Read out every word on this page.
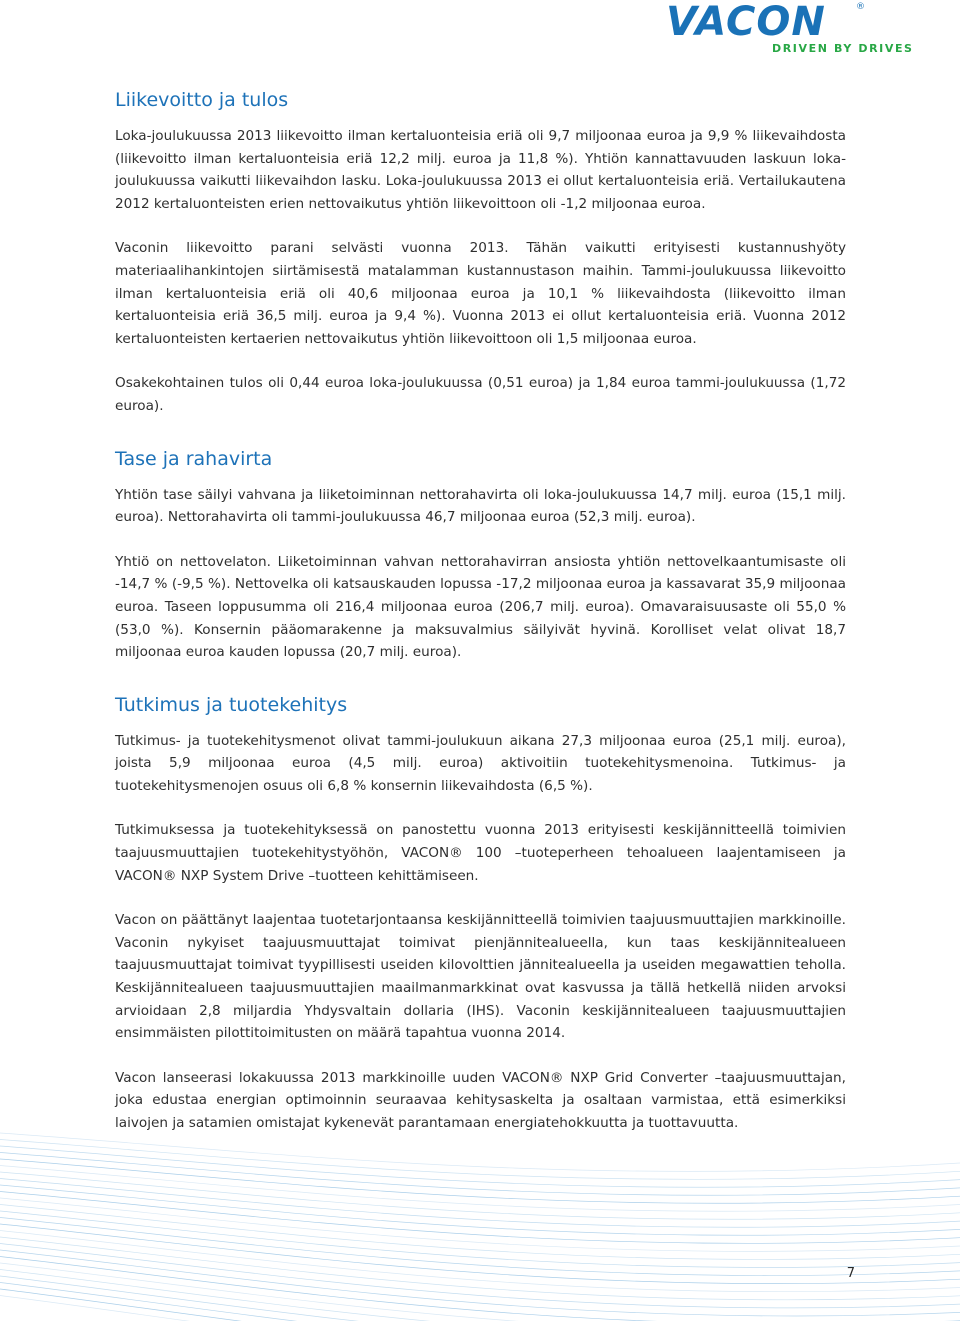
VACON	®
DRIVEN BY DRIVES
Liikevoitto ja tulos

Loka-joulukuussa 2013 liikevoitto ilman kertaluonteisia eriä oli 9,7 miljoonaa euroa ja 9,9 % liikevaihdosta (liikevoitto ilman kertaluonteisia eriä 12,2 milj. euroa ja 11,8 %). Yhtiön kannattavuuden laskuun loka-joulukuussa vaikutti liikevaihdon lasku. Loka-joulukuussa 2013 ei ollut kertaluonteisia eriä. Vertailukautena 2012 kertaluonteisten erien nettovaikutus yhtiön liikevoittoon oli -1,2 miljoonaa euroa.

Vaconin liikevoitto parani selvästi vuonna 2013. Tähän vaikutti erityisesti kustannushyöty materiaalihankintojen siirtämisestä matalamman kustannustason maihin. Tammi-joulukuussa liikevoitto ilman kertaluonteisia eriä oli 40,6 miljoonaa euroa ja 10,1 % liikevaihdosta (liikevoitto ilman kertaluonteisia eriä 36,5 milj. euroa ja 9,4 %). Vuonna 2013 ei ollut kertaluonteisia eriä. Vuonna 2012 kertaluonteisten kertaerien nettovaikutus yhtiön liikevoittoon oli 1,5 miljoonaa euroa.

Osakekohtainen tulos oli 0,44 euroa loka-joulukuussa (0,51 euroa) ja 1,84 euroa tammi-joulukuussa (1,72 euroa).

Tase ja rahavirta

Yhtiön tase säilyi vahvana ja liiketoiminnan nettorahavirta oli loka-joulukuussa 14,7 milj. euroa (15,1 milj. euroa). Nettorahavirta oli tammi-joulukuussa 46,7 miljoonaa euroa (52,3 milj. euroa).

Yhtiö on nettovelaton. Liiketoiminnan vahvan nettorahavirran ansiosta yhtiön nettovelkaantumisaste oli -14,7 % (-9,5 %). Nettovelka oli katsauskauden lopussa -17,2 miljoonaa euroa ja kassavarat 35,9 miljoonaa euroa. Taseen loppusumma oli 216,4 miljoonaa euroa (206,7 milj. euroa). Omavaraisuusaste oli 55,0 % (53,0 %). Konsernin pääomarakenne ja maksuvalmius säilyivät hyvinä. Korolliset velat olivat 18,7 miljoonaa euroa kauden lopussa (20,7 milj. euroa).

Tutkimus ja tuotekehitys

Tutkimus- ja tuotekehitysmenot olivat tammi-joulukuun aikana 27,3 miljoonaa euroa (25,1 milj. euroa), joista 5,9 miljoonaa euroa (4,5 milj. euroa) aktivoitiin tuotekehitysmenoina. Tutkimus- ja tuotekehitysmenojen osuus oli 6,8 % konsernin liikevaihdosta (6,5 %).

Tutkimuksessa ja tuotekehityksessä on panostettu vuonna 2013 erityisesti keskijännitteellä toimivien taajuusmuuttajien tuotekehitystyöhön, VACON® 100 –tuoteperheen tehoalueen laajentamiseen ja VACON® NXP System Drive –tuotteen kehittämiseen.

Vacon on päättänyt laajentaa tuotetarjontaansa keskijännitteellä toimivien taajuusmuuttajien markkinoille. Vaconin nykyiset taajuusmuuttajat toimivat pienjännitealueella, kun taas keskijännitealueen taajuusmuuttajat toimivat tyypillisesti useiden kilovolttien jännitealueella ja useiden megawattien teholla. Keskijännitealueen taajuusmuuttajien maailmanmarkkinat ovat kasvussa ja tällä hetkellä niiden arvoksi arvioidaan 2,8 miljardia Yhdysvaltain dollaria (IHS). Vaconin keskijännitealueen taajuusmuuttajien ensimmäisten pilottitoimitusten on määrä tapahtua vuonna 2014.

Vacon lanseerasi lokakuussa 2013 markkinoille uuden VACON® NXP Grid Converter –taajuusmuuttajan, joka edustaa energian optimoinnin seuraavaa kehitysaskelta ja osaltaan varmistaa, että esimerkiksi laivojen ja satamien omistajat kykenevät parantamaan energiatehokkuutta ja tuottavuutta.

7
